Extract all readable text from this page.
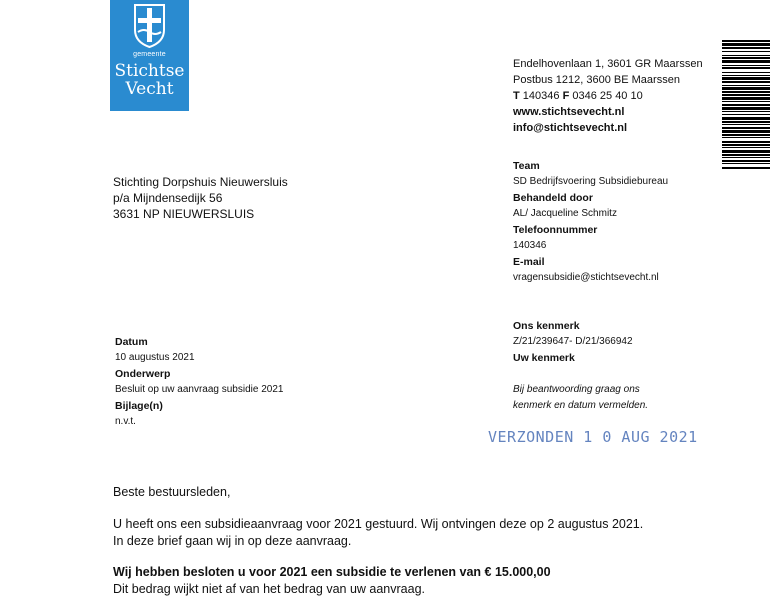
gemeente
Stichtse
Vecht
Endelhovenlaan 1, 3601 GR Maarssen
Postbus 1212, 3600 BE Maarssen
T 140346 F 0346 25 40 10
www.stichtsevecht.nl
info@stichtsevecht.nl
Stichting Dorpshuis Nieuwersluis
p/a Mijndensedijk 56
3631 NP NIEUWERSLUIS
Team
SD Bedrijfsvoering Subsidiebureau
Behandeld door
AL/ Jacqueline Schmitz
Telefoonnummer
140346
E-mail
vragensubsidie@stichtsevecht.nl
Datum
10 augustus 2021
Onderwerp
Besluit op uw aanvraag subsidie 2021
Bijlage(n)
n.v.t.
Ons kenmerk
Z/21/239647- D/21/366942
Uw kenmerk
Bij beantwoording graag ons
kenmerk en datum vermelden.
VERZONDEN 1 0 AUG 2021
Beste bestuursleden,
U heeft ons een subsidieaanvraag voor 2021 gestuurd. Wij ontvingen deze op 2 augustus 2021.
In deze brief gaan wij in op deze aanvraag.
Wij hebben besloten u voor 2021 een subsidie te verlenen van € 15.000,00
Dit bedrag wijkt niet af van het bedrag van uw aanvraag.
